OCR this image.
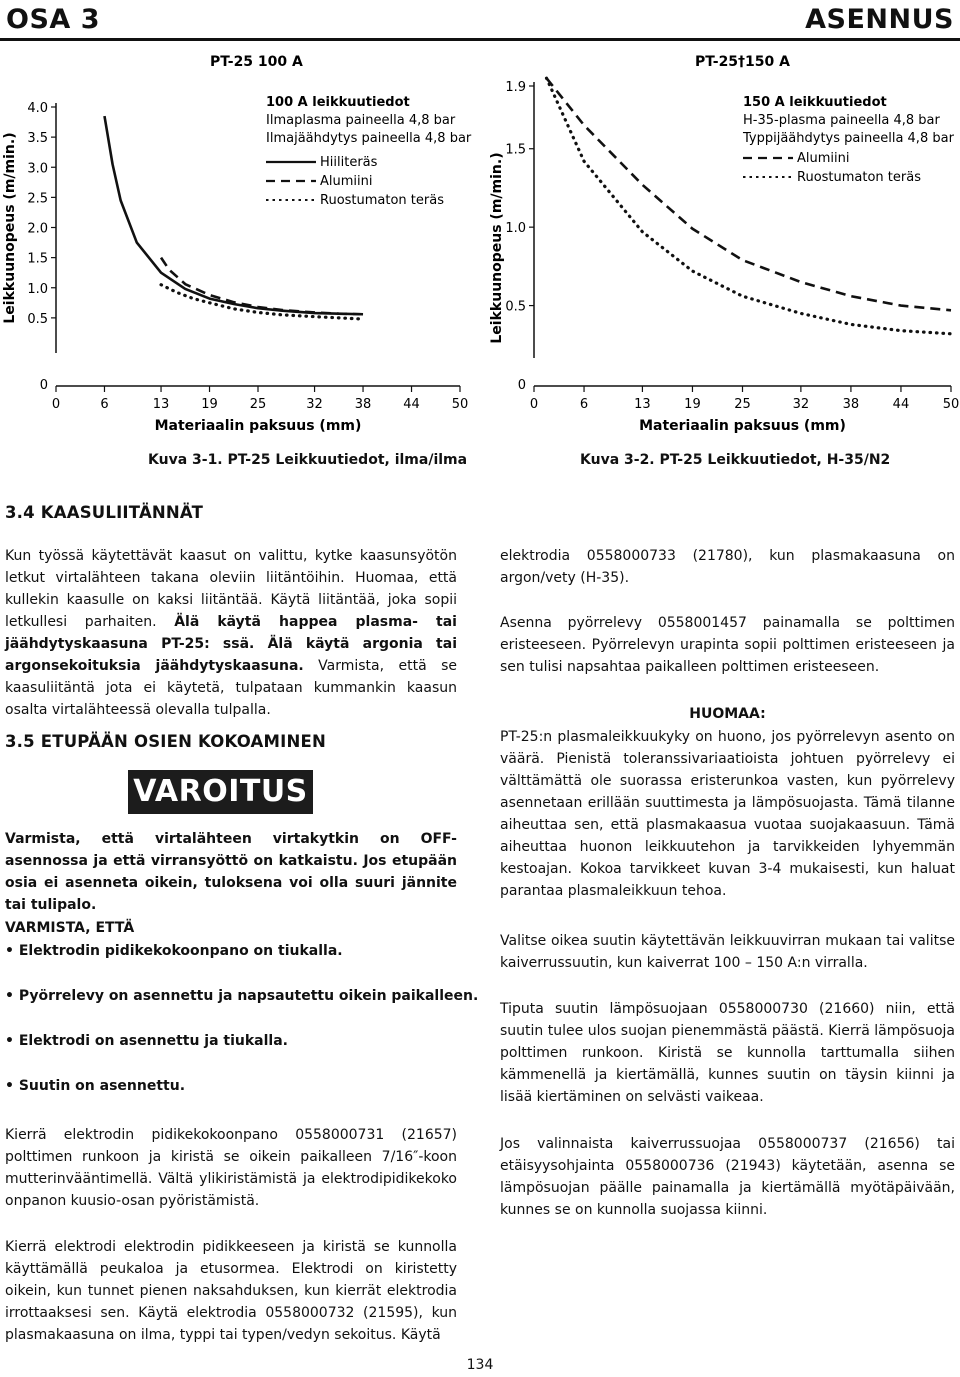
OSA 3	ASENNUS
PT-25 100 A
Leikkuunopeus (m/min.)
0
0.5
1.0
1.5
2.0
2.5
3.0
3.5
4.0
0	6	13 19 25	32 38 44 50
Materiaalin paksuus (mm)
100 A leikkuutiedot
Ilmaplasma paineella 4,8 bar
Ilmajäähdytys paineella 4,8 bar
Hiiliteräs
Alumiini
Ruostumaton teräs
PT-25†150 A
Leikkuunopeus (m/min.)
0
0.5
1.0
1.5
1.9
0	6	13	19	25	32	38	44	50
Materiaalin paksuus (mm)
150 A leikkuutiedot
H-35-plasma paineella 4,8 bar
Typpijäähdytys paineella 4,8 bar
Alumiini
Ruostumaton teräs
Kuva 3-1. PT-25 Leikkuutiedot, ilma/ilma	Kuva 3-2. PT-25 Leikkuutiedot, H-35/N2
3.4 KAASULIITÄNNÄT
Kun työssä käytettävät kaasut on valittu, kytke kaasunsyötön letkut virtalähteen takana oleviin liitäntöihin. Huomaa, että kullekin kaasulle on kaksi liitäntää. Käytä liitäntää, joka sopii letkullesi parhaiten. Älä käytä happea plasma- tai jäähdytyskaasuna PT-25: ssä. Älä käytä argonia tai argonsekoituksia jäähdytyskaasuna. Varmista, että se kaasuliitäntä jota ei käytetä, tulpataan kummankin kaasun osalta virtalähteessä olevalla tulpalla.
3.5 ETUPÄÄN OSIEN KOKOAMINEN
VAROITUS
Varmista, että virtalähteen virtakytkin on OFF-asennossa ja että virransyöttö on katkaistu. Jos etupään osia ei asenneta oikein, tuloksena voi olla suuri jännite tai tulipalo.
VARMISTA, ETTÄ
• Elektrodin pidikekokoonpano on tiukalla.
• Pyörrelevy on asennettu ja napsautettu oikein paikalleen.
• Elektrodi on asennettu ja tiukalla.
• Suutin on asennettu.
Kierrä elektrodin pidikekokoonpano 0558000731 (21657) polttimen runkoon ja kiristä se oikein paikalleen 7/16″-koon mutterinvääntimellä. Vältä ylikiristämistä ja elektrodipidikekoko onpanon kuusio-osan pyöristämistä.
Kierrä elektrodi elektrodin pidikkeeseen ja kiristä se kunnolla käyttämällä peukaloa ja etusormea. Elektrodi on kiristetty oikein, kun tunnet pienen naksahduksen, kun kierrät elektrodia irrottaaksesi sen. Käytä elektrodia 0558000732 (21595), kun plasmakaasuna on ilma, typpi tai typen/vedyn sekoitus. Käytä
elektrodia 0558000733 (21780), kun plasmakaasuna on argon/vety (H-35).
Asenna pyörrelevy 0558001457 painamalla se polttimen eristeeseen. Pyörrelevyn urapinta sopii polttimen eristeeseen ja sen tulisi napsahtaa paikalleen polttimen eristeeseen.
HUOMAA:
PT-25:n plasmaleikkuukyky on huono, jos pyörrelevyn asento on väärä. Pienistä toleranssivariaatioista johtuen pyörrelevy ei välttämättä ole suorassa eristerunkoa vasten, kun pyörrelevy asennetaan erillään suuttimesta ja lämpösuojasta. Tämä tilanne aiheuttaa sen, että plasmakaasua vuotaa suojakaasuun. Tämä aiheuttaa huonon leikkuutehon ja tarvikkeiden lyhyemmän kestoajan. Kokoa tarvikkeet kuvan 3-4 mukaisesti, kun haluat parantaa plasmaleikkuun tehoa.
Valitse oikea suutin käytettävän leikkuuvirran mukaan tai valitse kaiverrussuutin, kun kaiverrat 100 – 150 A:n virralla.
Tiputa suutin lämpösuojaan 0558000730 (21660) niin, että suutin tulee ulos suojan pienemmästä päästä. Kierrä lämpösuoja polttimen runkoon. Kiristä se kunnolla tarttumalla siihen kämmenellä ja kiertämällä, kunnes suutin on täysin kiinni ja lisää kiertäminen on selvästi vaikeaa.
Jos valinnaista kaiverrussuojaa 0558000737 (21656) tai etäisyysohjainta 0558000736 (21943) käytetään, asenna se lämpösuojan päälle painamalla ja kiertämällä myötäpäivään, kunnes se on kunnolla suojassa kiinni.
134
